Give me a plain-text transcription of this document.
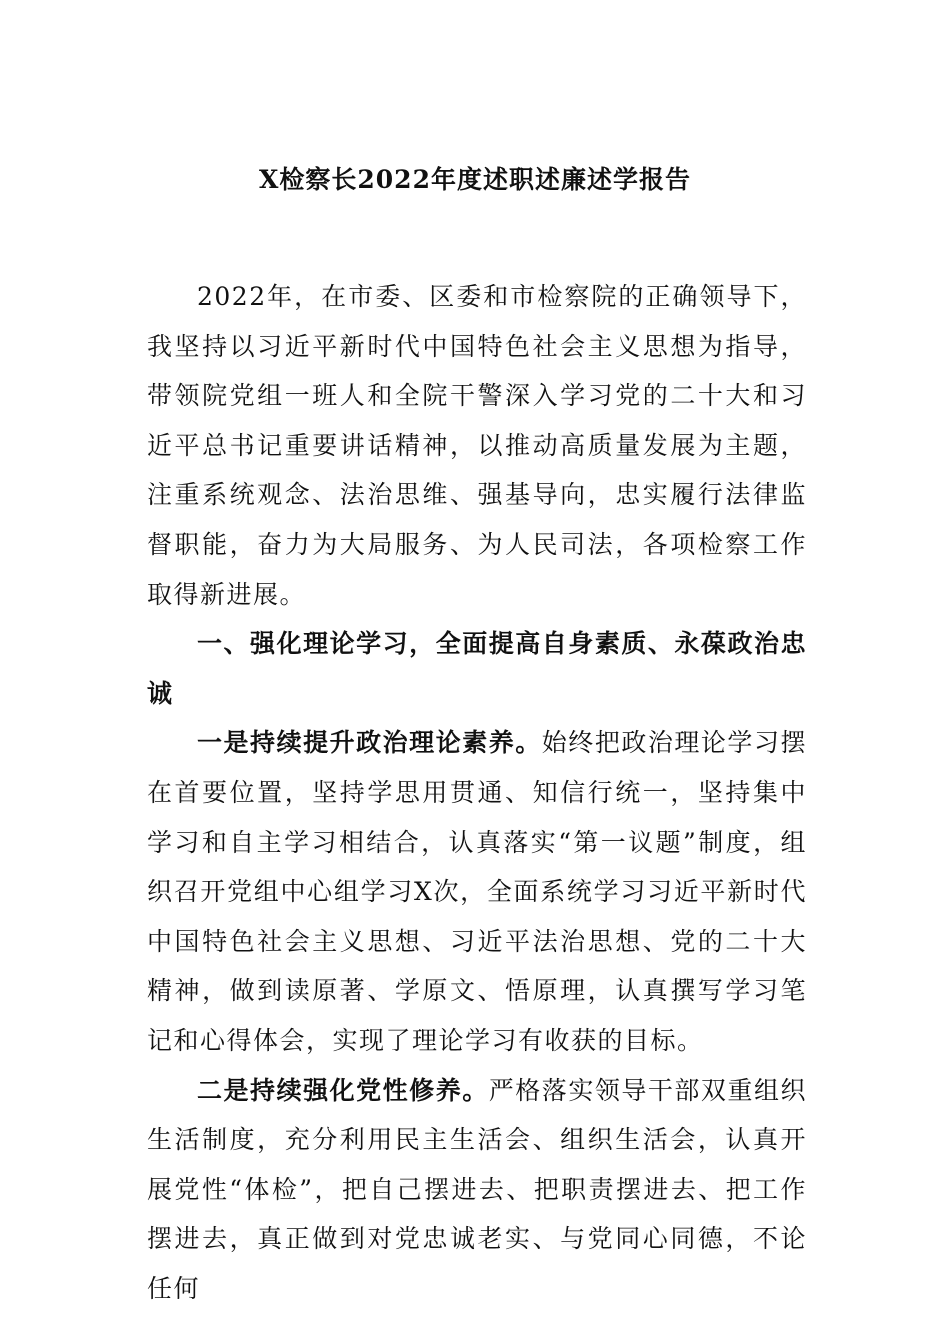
X检察长2022年度述职述廉述学报告

2022年，在市委、区委和市检察院的正确领导下，我坚持以习近平新时代中国特色社会主义思想为指导，带领院党组一班人和全院干警深入学习党的二十大和习近平总书记重要讲话精神，以推动高质量发展为主题，注重系统观念、法治思维、强基导向，忠实履行法律监督职能，奋力为大局服务、为人民司法，各项检察工作取得新进展。

一、强化理论学习，全面提高自身素质、永葆政治忠诚

一是持续提升政治理论素养。始终把政治理论学习摆在首要位置，坚持学思用贯通、知信行统一，坚持集中学习和自主学习相结合，认真落实“第一议题”制度，组织召开党组中心组学习X次，全面系统学习习近平新时代中国特色社会主义思想、习近平法治思想、党的二十大精神，做到读原著、学原文、悟原理，认真撰写学习笔记和心得体会，实现了理论学习有收获的目标。

二是持续强化党性修养。严格落实领导干部双重组织生活制度，充分利用民主生活会、组织生活会，认真开展党性“体检”，把自己摆进去、把职责摆进去、把工作摆进去，真正做到对党忠诚老实、与党同心同德，不论任何
